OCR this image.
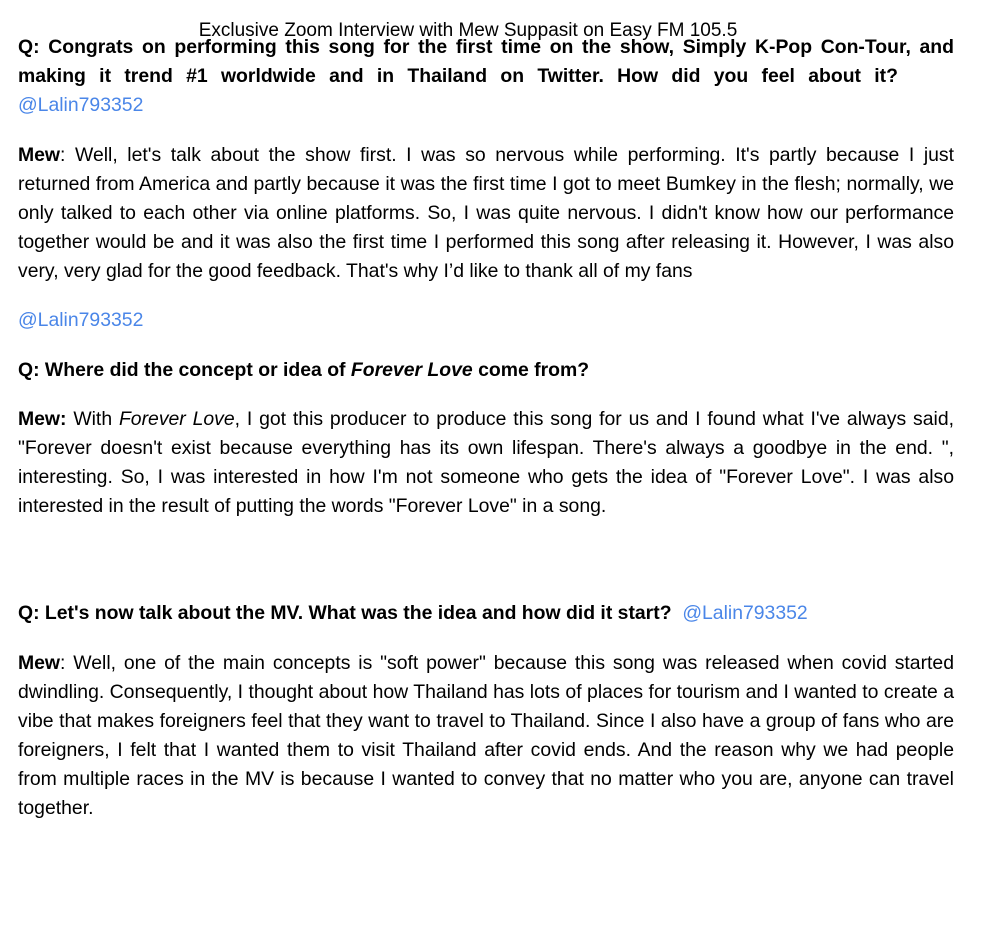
Exclusive Zoom Interview with Mew Suppasit on Easy FM 105.5

Q: Congrats on performing this song for the first time on the show, Simply K-Pop Con-Tour, and making it trend #1 worldwide and in Thailand on Twitter. How did you feel about it?@Lalin793352

Mew: Well, let's talk about the show first. I was so nervous while performing. It's partly because I just returned from America and partly because it was the first time I got to meet Bumkey in the flesh; normally, we only talked to each other via online platforms. So, I was quite nervous. I didn't know how our performance together would be and it was also the first time I performed this song after releasing it. However, I was also very, very glad for the good feedback. That's why I’d like to thank all of my fans

@Lalin793352

Q: Where did the concept or idea of Forever Love come from?

Mew: With Forever Love, I got this producer to produce this song for us and I found what I've always said, "Forever doesn't exist because everything has its own lifespan. There's always a goodbye in the end. ", interesting. So, I was interested in how I'm not someone who gets the idea of "Forever Love". I was also interested in the result of putting the words "Forever Love" in a song.

Q: Let's now talk about the MV. What was the idea and how did it start? @Lalin793352

Mew: Well, one of the main concepts is "soft power" because this song was released when covid started dwindling. Consequently, I thought about how Thailand has lots of places for tourism and I wanted to create a vibe that makes foreigners feel that they want to travel to Thailand. Since I also have a group of fans who are foreigners, I felt that I wanted them to visit Thailand after covid ends. And the reason why we had people from multiple races in the MV is because I wanted to convey that no matter who you are, anyone can travel together.
